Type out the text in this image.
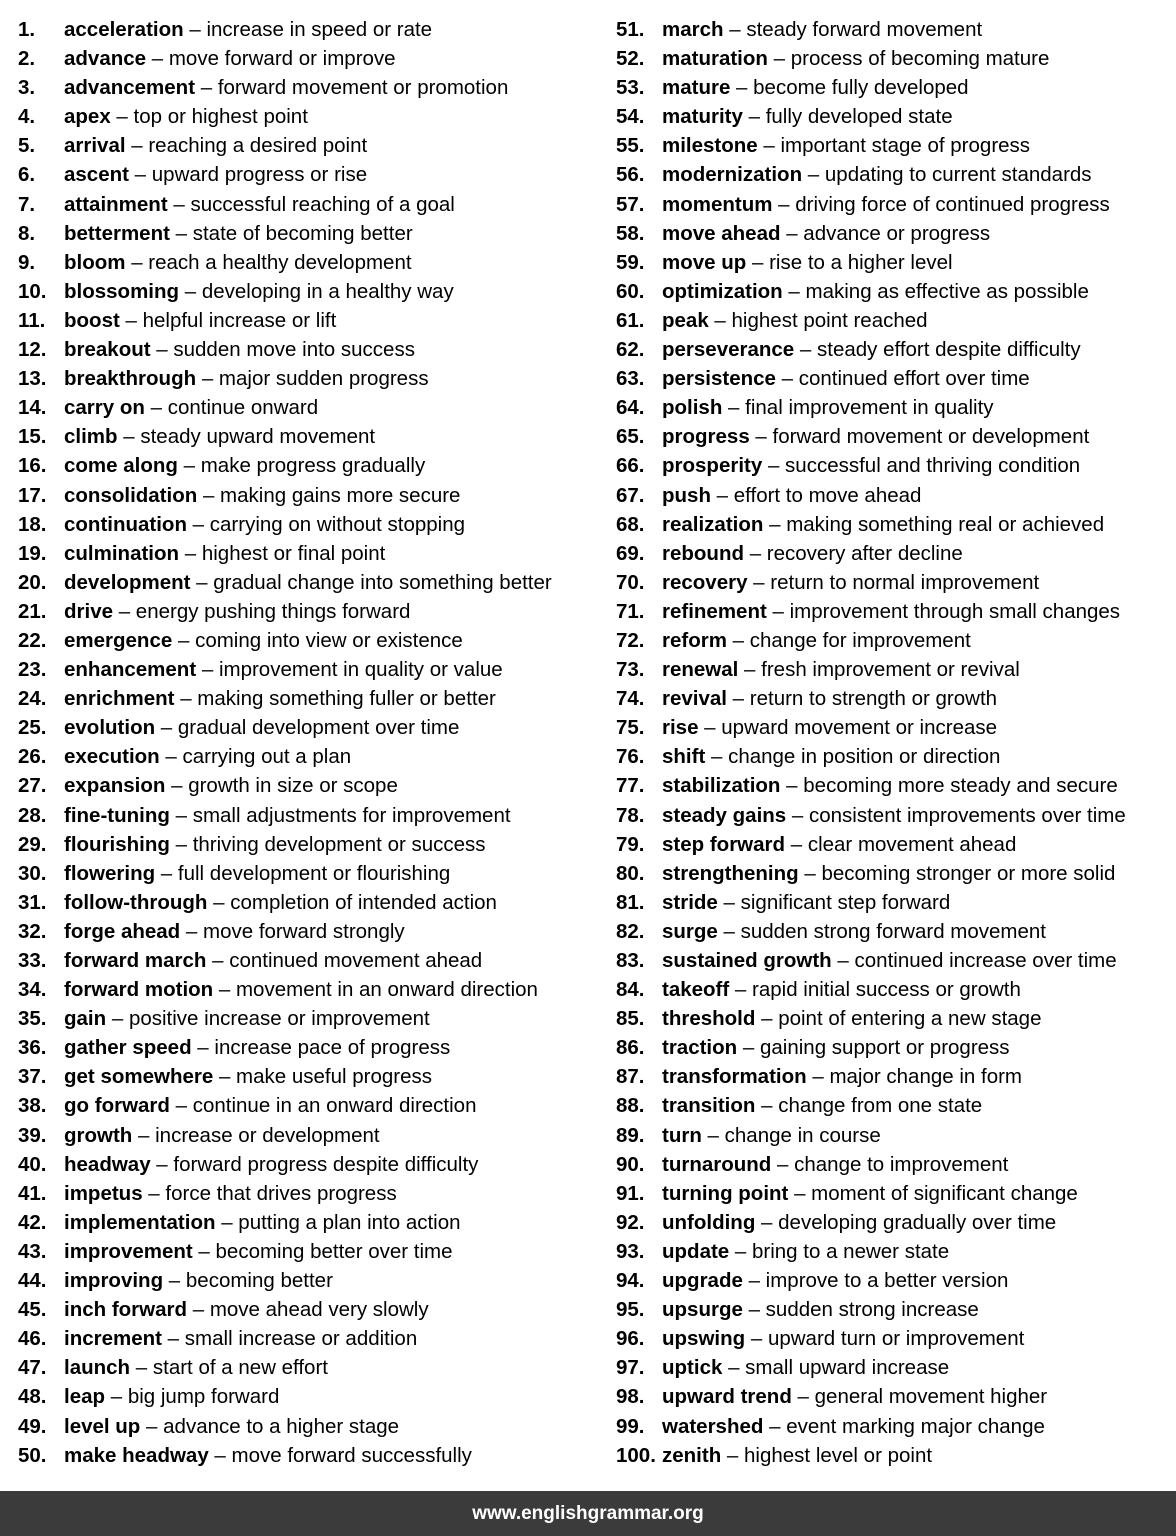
1. acceleration – increase in speed or rate
2. advance – move forward or improve
3. advancement – forward movement or promotion
4. apex – top or highest point
5. arrival – reaching a desired point
6. ascent – upward progress or rise
7. attainment – successful reaching of a goal
8. betterment – state of becoming better
9. bloom – reach a healthy development
10. blossoming – developing in a healthy way
11. boost – helpful increase or lift
12. breakout – sudden move into success
13. breakthrough – major sudden progress
14. carry on – continue onward
15. climb – steady upward movement
16. come along – make progress gradually
17. consolidation – making gains more secure
18. continuation – carrying on without stopping
19. culmination – highest or final point
20. development – gradual change into something better
21. drive – energy pushing things forward
22. emergence – coming into view or existence
23. enhancement – improvement in quality or value
24. enrichment – making something fuller or better
25. evolution – gradual development over time
26. execution – carrying out a plan
27. expansion – growth in size or scope
28. fine-tuning – small adjustments for improvement
29. flourishing – thriving development or success
30. flowering – full development or flourishing
31. follow-through – completion of intended action
32. forge ahead – move forward strongly
33. forward march – continued movement ahead
34. forward motion – movement in an onward direction
35. gain – positive increase or improvement
36. gather speed – increase pace of progress
37. get somewhere – make useful progress
38. go forward – continue in an onward direction
39. growth – increase or development
40. headway – forward progress despite difficulty
41. impetus – force that drives progress
42. implementation – putting a plan into action
43. improvement – becoming better over time
44. improving – becoming better
45. inch forward – move ahead very slowly
46. increment – small increase or addition
47. launch – start of a new effort
48. leap – big jump forward
49. level up – advance to a higher stage
50. make headway – move forward successfully
51. march – steady forward movement
52. maturation – process of becoming mature
53. mature – become fully developed
54. maturity – fully developed state
55. milestone – important stage of progress
56. modernization – updating to current standards
57. momentum – driving force of continued progress
58. move ahead – advance or progress
59. move up – rise to a higher level
60. optimization – making as effective as possible
61. peak – highest point reached
62. perseverance – steady effort despite difficulty
63. persistence – continued effort over time
64. polish – final improvement in quality
65. progress – forward movement or development
66. prosperity – successful and thriving condition
67. push – effort to move ahead
68. realization – making something real or achieved
69. rebound – recovery after decline
70. recovery – return to normal improvement
71. refinement – improvement through small changes
72. reform – change for improvement
73. renewal – fresh improvement or revival
74. revival – return to strength or growth
75. rise – upward movement or increase
76. shift – change in position or direction
77. stabilization – becoming more steady and secure
78. steady gains – consistent improvements over time
79. step forward – clear movement ahead
80. strengthening – becoming stronger or more solid
81. stride – significant step forward
82. surge – sudden strong forward movement
83. sustained growth – continued increase over time
84. takeoff – rapid initial success or growth
85. threshold – point of entering a new stage
86. traction – gaining support or progress
87. transformation – major change in form
88. transition – change from one state
89. turn – change in course
90. turnaround – change to improvement
91. turning point – moment of significant change
92. unfolding – developing gradually over time
93. update – bring to a newer state
94. upgrade – improve to a better version
95. upsurge – sudden strong increase
96. upswing – upward turn or improvement
97. uptick – small upward increase
98. upward trend – general movement higher
99. watershed – event marking major change
100. zenith – highest level or point
www.englishgrammar.org
